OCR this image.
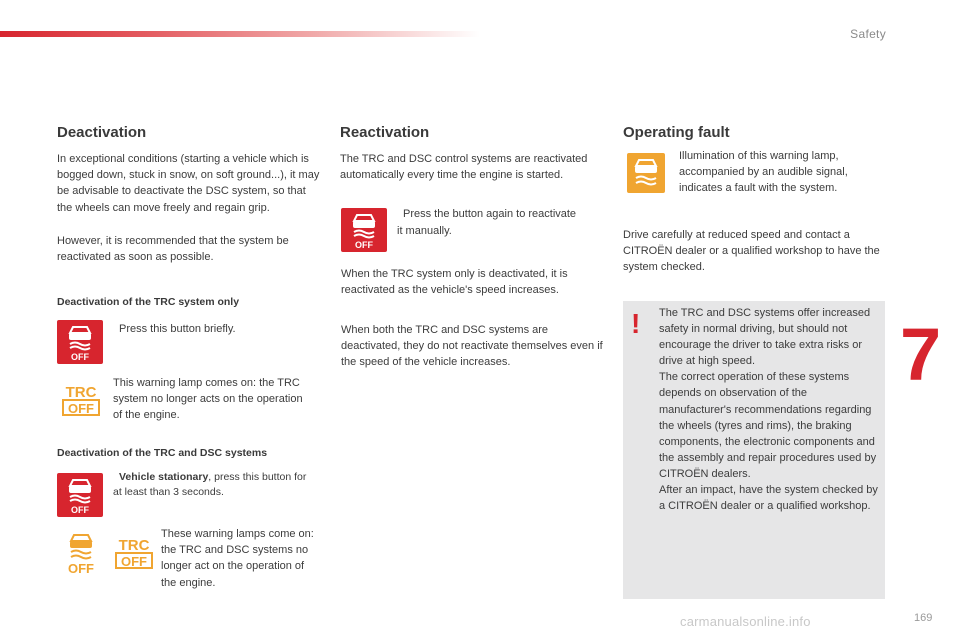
Safety
7
169
carmanualsonline.info
Deactivation

In exceptional conditions (starting a vehicle which is bogged down, stuck in snow, on soft ground...), it may be advisable to deactivate the DSC system, so that the wheels can move freely and regain grip.

However, it is recommended that the system be reactivated as soon as possible.

Deactivation of the TRC system only
OFF

Press this button briefly.

TRC
OFF

This warning lamp comes on: the TRC system no longer acts on the operation of the engine.

Deactivation of the TRC and DSC systems
OFF

Vehicle stationary, press this button for at least than 3 seconds.

OFF
TRC
OFF

These warning lamps come on: the TRC and DSC systems no longer act on the operation of the engine.

Reactivation

The TRC and DSC control systems are reactivated automatically every time the engine is started.

OFF

Press the button again to reactivate it manually.

When the TRC system only is deactivated, it is reactivated as the vehicle's speed increases.

When both the TRC and DSC systems are deactivated, they do not reactivate themselves even if the speed of the vehicle increases.

Operating fault

Illumination of this warning lamp, accompanied by an audible signal, indicates a fault with the system.

Drive carefully at reduced speed and contact a CITROËN dealer or a qualified workshop to have the system checked.

! The TRC and DSC systems offer increased safety in normal driving, but should not encourage the driver to take extra risks or drive at high speed.

The correct operation of these systems depends on observation of the manufacturer's recommendations regarding the wheels (tyres and rims), the braking components, the electronic components and the assembly and repair procedures used by CITROËN dealers.

After an impact, have the system checked by a CITROËN dealer or a qualified workshop.
